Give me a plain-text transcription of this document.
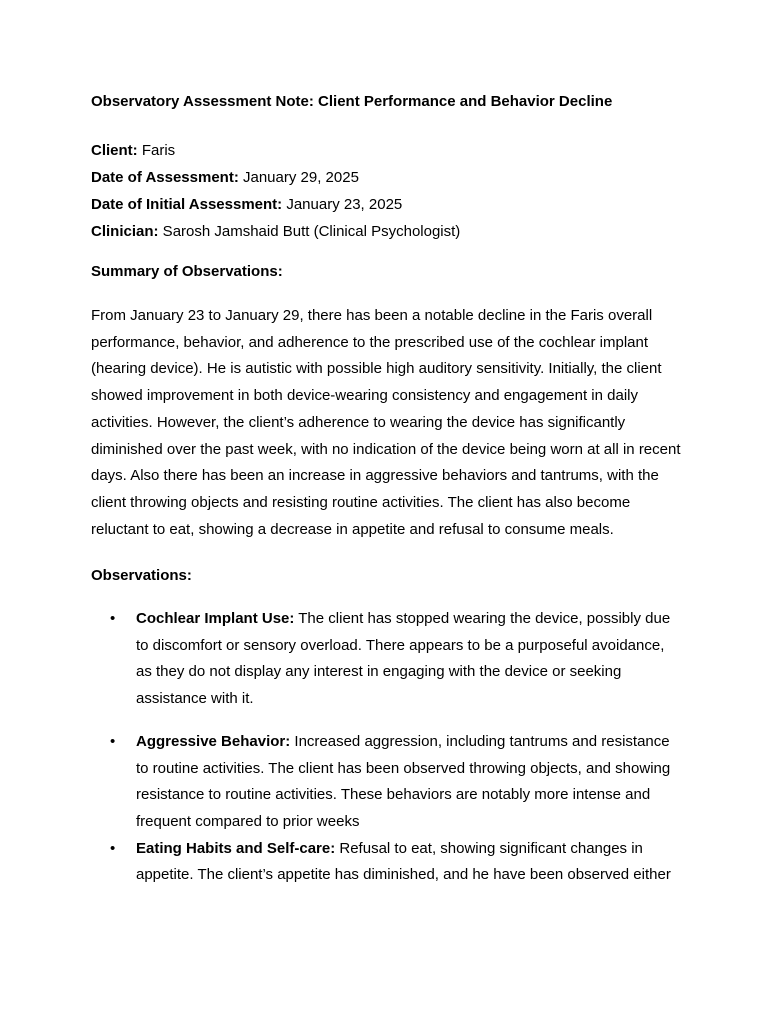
Observatory Assessment Note: Client Performance and Behavior Decline
Client: Faris
Date of Assessment: January 29, 2025
Date of Initial Assessment: January 23, 2025
Clinician: Sarosh Jamshaid Butt (Clinical Psychologist)
Summary of Observations:

From January 23 to January 29, there has been a notable decline in the Faris overall performance, behavior, and adherence to the prescribed use of the cochlear implant (hearing device). He is autistic with possible high auditory sensitivity. Initially, the client showed improvement in both device-wearing consistency and engagement in daily activities. However, the client’s adherence to wearing the device has significantly diminished over the past week, with no indication of the device being worn at all in recent days. Also there has been an increase in aggressive behaviors and tantrums, with the client throwing objects and resisting routine activities. The client has also become reluctant to eat, showing a decrease in appetite and refusal to consume meals.

Observations:
• Cochlear Implant Use: The client has stopped wearing the device, possibly due to discomfort or sensory overload. There appears to be a purposeful avoidance, as they do not display any interest in engaging with the device or seeking assistance with it.
• Aggressive Behavior: Increased aggression, including tantrums and resistance to routine activities. The client has been observed throwing objects, and showing resistance to routine activities. These behaviors are notably more intense and frequent compared to prior weeks
• Eating Habits and Self-care: Refusal to eat, showing significant changes in appetite. The client’s appetite has diminished, and he have been observed either
